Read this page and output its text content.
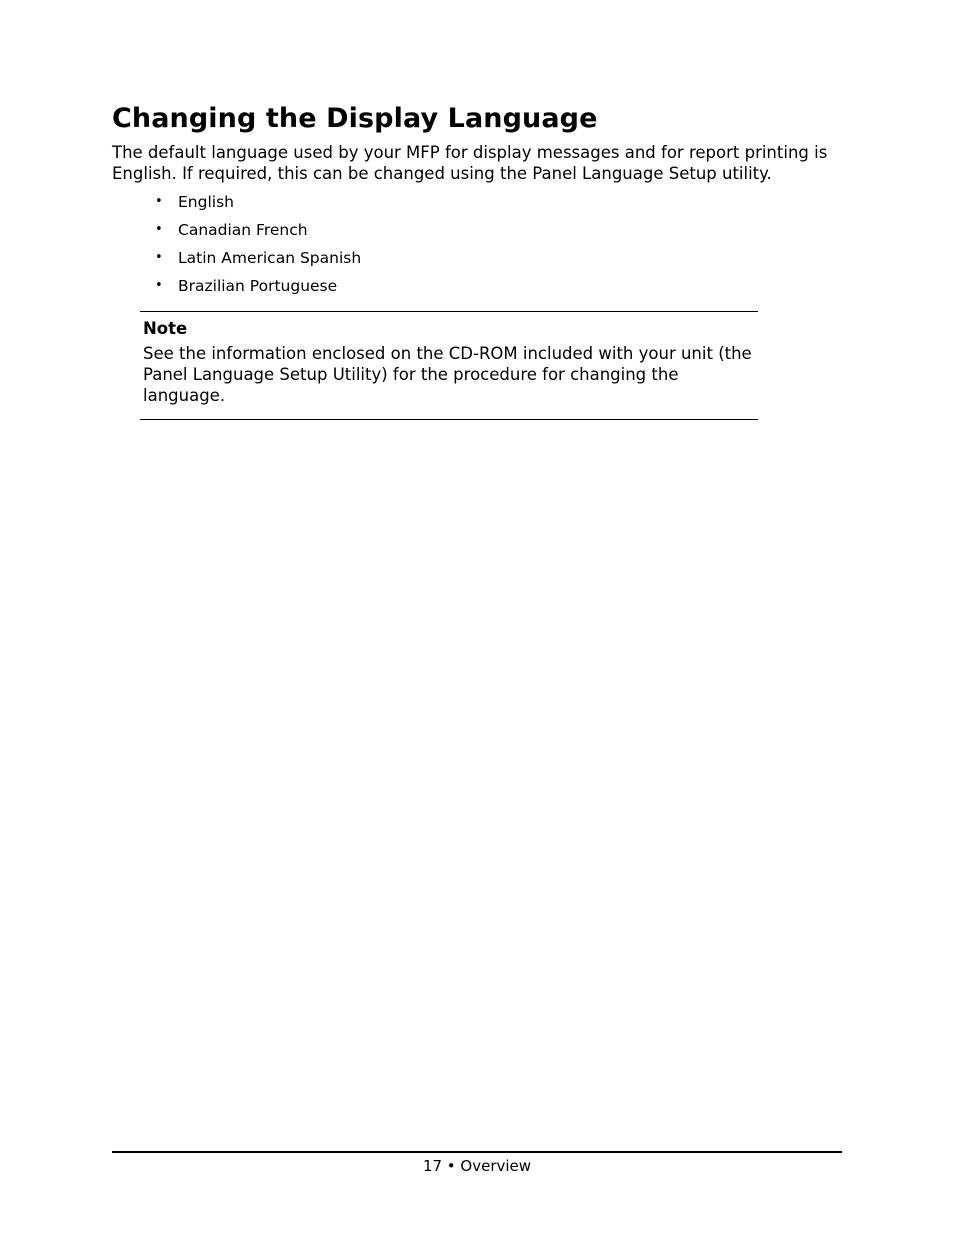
Changing the Display Language

The default language used by your MFP for display messages and for report printing is English. If required, this can be changed using the Panel Language Setup utility.

• English
• Canadian French
• Latin American Spanish
• Brazilian Portuguese

Note

See the information enclosed on the CD-ROM included with your unit (the Panel Language Setup Utility) for the procedure for changing the language.

17 • Overview
